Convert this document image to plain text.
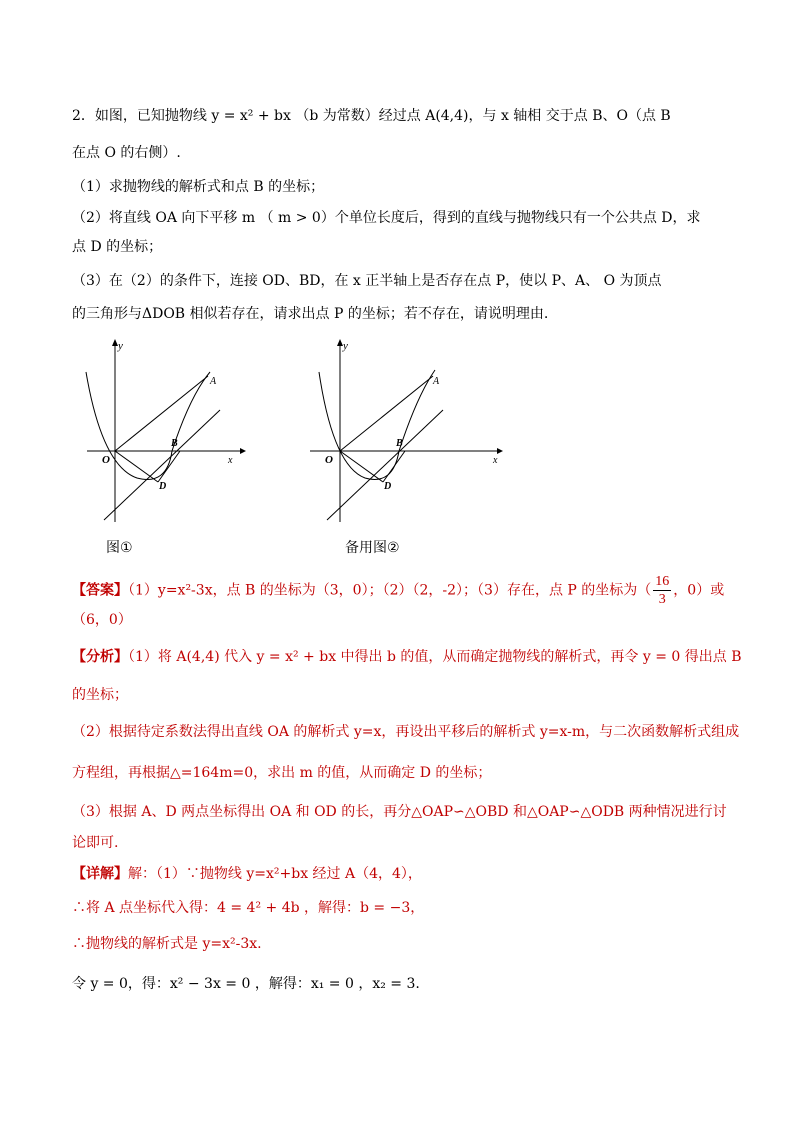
2．如图，已知抛物线 y = x² + bx （b 为常数）经过点 A(4,4)，与 x 轴相 交于点 B、O（点 B
在点 O 的右侧）.
（1）求抛物线的解析式和点 B 的坐标；
（2）将直线 OA 向下平移 m （ m > 0）个单位长度后，得到的直线与抛物线只有一个公共点 D，求
点 D 的坐标；
（3）在（2）的条件下，连接 OD、BD，在 x 正半轴上是否存在点 P，使以 P、A、 O 为顶点
的三角形与ΔDOB 相似若存在，请求出点 P 的坐标；若不存在，请说明理由.
y
x
O
A
B
D
y
x
O
A
B
D
图①	备用图②
【答案】（1）y=x²-3x，点 B 的坐标为（3，0）；（2）（2，-2）；（3）存在，点 P 的坐标为（ $\frac{16}{3}$ ，0）或
（6，0）
【分析】（1）将 A(4,4) 代入 y = x² + bx 中得出 b 的值，从而确定抛物线的解析式，再令 y = 0 得出点 B
的坐标；
（2）根据待定系数法得出直线 OA 的解析式 y=x，再设出平移后的解析式 y=x-m，与二次函数解析式组成
方程组，再根据△=164m=0，求出 m 的值，从而确定 D 的坐标；
（3）根据 A、D 两点坐标得出 OA 和 OD 的长，再分△OAP∽△OBD 和△OAP∽△ODB 两种情况进行讨
论即可.
【详解】解：（1）∵抛物线 y=x²+bx 经过 A（4，4），
∴将 A 点坐标代入得：4 = 4² + 4b ，解得：b = −3，
∴抛物线的解析式是 y=x²-3x.
令 y = 0，得：x² − 3x = 0 ，解得：x₁ = 0 ，x₂ = 3.
